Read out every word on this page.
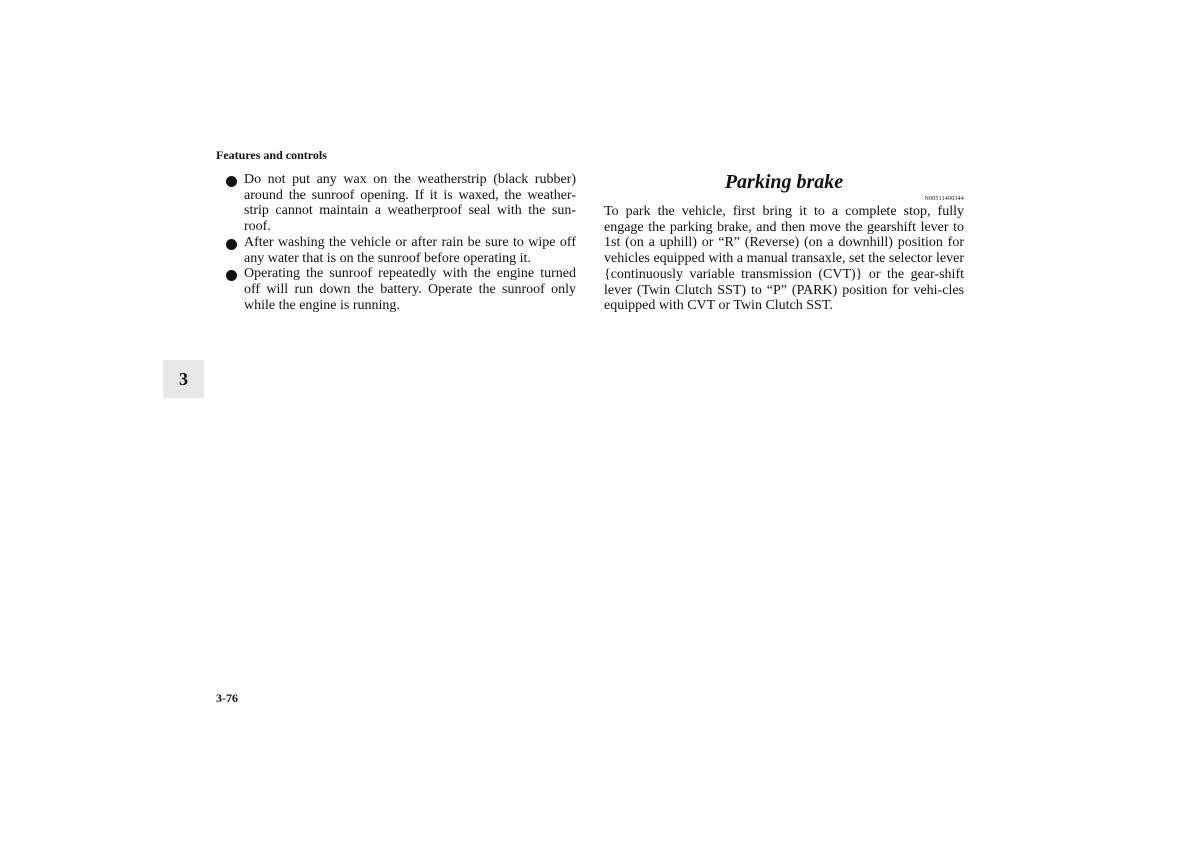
Features and controls
Do not put any wax on the weatherstrip (black rubber) around the sunroof opening. If it is waxed, the weather-strip cannot maintain a weatherproof seal with the sun-roof.
After washing the vehicle or after rain be sure to wipe off any water that is on the sunroof before operating it.
Operating the sunroof repeatedly with the engine turned off will run down the battery. Operate the sunroof only while the engine is running.
Parking brake
N00511400344
To park the vehicle, first bring it to a complete stop, fully engage the parking brake, and then move the gearshift lever to 1st (on a uphill) or “R” (Reverse) (on a downhill) position for vehicles equipped with a manual transaxle, set the selector lever {continuously variable transmission (CVT)} or the gear-shift lever (Twin Clutch SST) to “P” (PARK) position for vehi-cles equipped with CVT or Twin Clutch SST.
3
3-76
